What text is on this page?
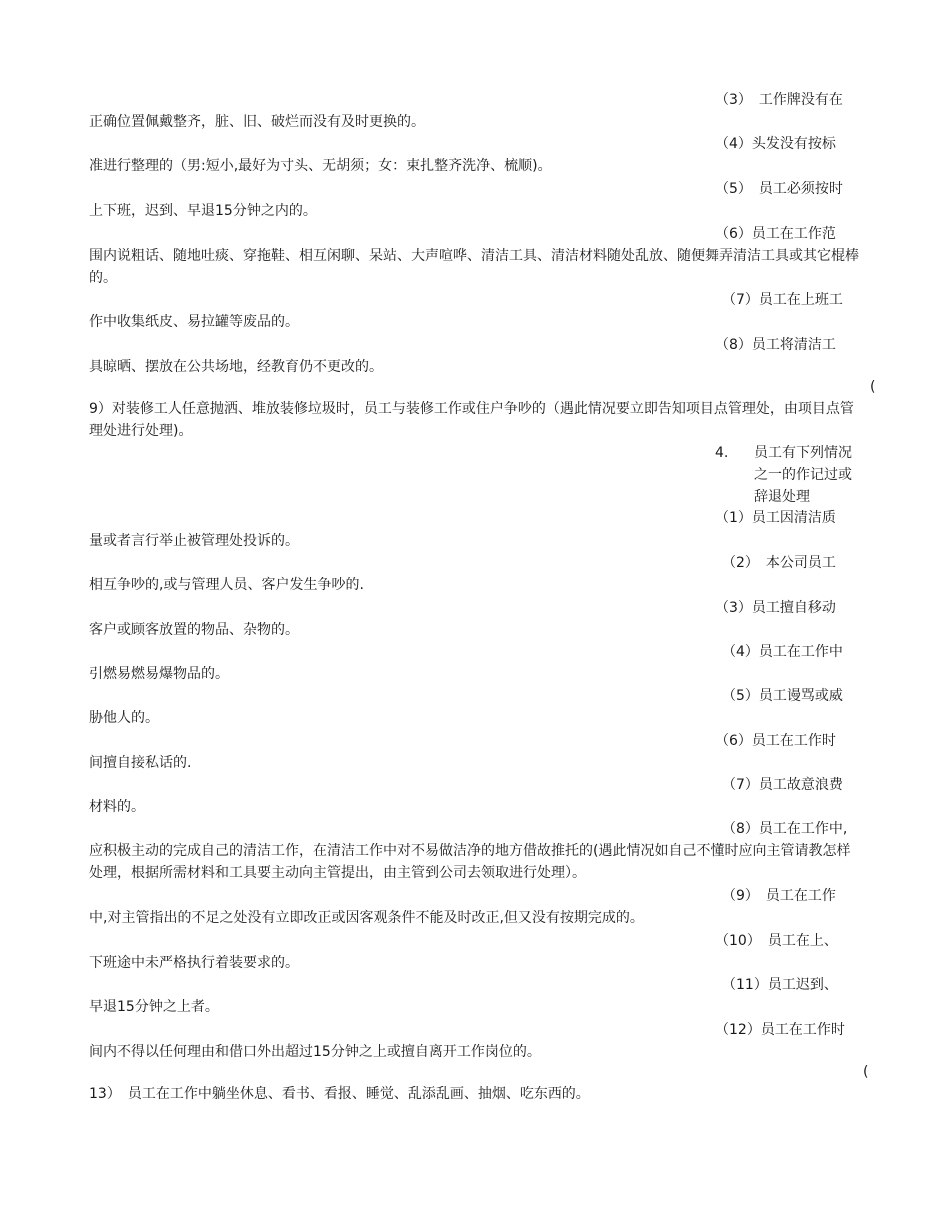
（3）　工作牌没有在
正确位置佩戴整齐，脏、旧、破烂而没有及时更换的。
（4）头发没有按标
准进行整理的（男:短小,最好为寸头、无胡须；女：束扎整齐洗净、梳顺)。
（5）　员工必须按时
上下班，迟到、早退15分钟之内的。
（6）员工在工作范
围内说粗话、随地吐痰、穿拖鞋、相互闲聊、呆站、大声喧哗、清洁工具、清洁材料随处乱放、随便舞弄清洁工具或其它棍棒的。
（7）员工在上班工
作中收集纸皮、易拉罐等废品的。
（8）员工将清洁工
具晾晒、摆放在公共场地，经教育仍不更改的。
(
9）对装修工人任意抛洒、堆放装修垃圾时，员工与装修工作或住户争吵的（遇此情况要立即告知项目点管理处，由项目点管理处进行处理)。
4. 员工有下列情况之一的作记过或辞退处理
（1）员工因清洁质
量或者言行举止被管理处投诉的。
（2）　本公司员工
相互争吵的,或与管理人员、客户发生争吵的.
（3）员工擅自移动
客户或顾客放置的物品、杂物的。
（4）员工在工作中
引燃易燃易爆物品的。
（5）员工谩骂或威
胁他人的。
（6）员工在工作时
间擅自接私话的.
（7）员工故意浪费
材料的。
（8）员工在工作中,
应积极主动的完成自己的清洁工作，在清洁工作中对不易做洁净的地方借故推托的(遇此情况如自己不懂时应向主管请教怎样处理，根据所需材料和工具要主动向主管提出，由主管到公司去领取进行处理）。
（9）　员工在工作
中,对主管指出的不足之处没有立即改正或因客观条件不能及时改正,但又没有按期完成的。
（10）　员工在上、
下班途中未严格执行着装要求的。
（11）员工迟到、
早退15分钟之上者。
（12）员工在工作时
间内不得以任何理由和借口外出超过15分钟之上或擅自离开工作岗位的。
(
13）　员工在工作中躺坐休息、看书、看报、睡觉、乱添乱画、抽烟、吃东西的。
